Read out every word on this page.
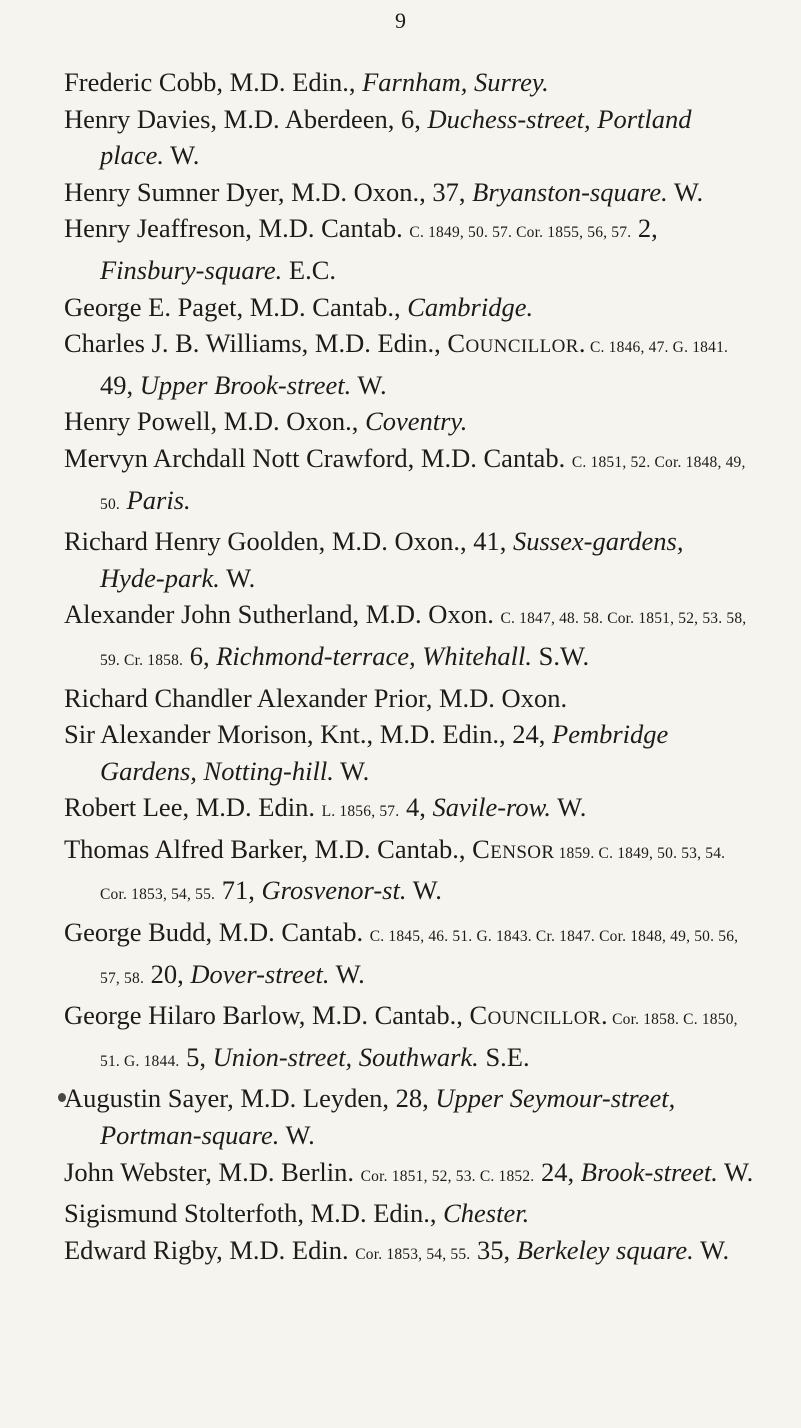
9

Frederic Cobb, M.D. Edin., Farnham, Surrey.

Henry Davies, M.D. Aberdeen, 6, Duchess-street, Portland place. W.

Henry Sumner Dyer, M.D. Oxon., 37, Bryanston-square. W.

Henry Jeaffreson, M.D. Cantab. C. 1849, 50. 57. Cor. 1855, 56, 57. 2, Finsbury-square. E.C.

George E. Paget, M.D. Cantab., Cambridge.

Charles J. B. Williams, M.D. Edin., Councillor. C. 1846, 47. G. 1841. 49, Upper Brook-street. W.

Henry Powell, M.D. Oxon., Coventry.

Mervyn Archdall Nott Crawford, M.D. Cantab. C. 1851, 52. Cor. 1848, 49, 50. Paris.

Richard Henry Goolden, M.D. Oxon., 41, Sussex-gardens, Hyde-park. W.

Alexander John Sutherland, M.D. Oxon. C. 1847, 48. 58. Cor. 1851, 52, 53. 58, 59. Cr. 1858. 6, Richmond-terrace, Whitehall. S.W.

Richard Chandler Alexander Prior, M.D. Oxon.

Sir Alexander Morison, Knt., M.D. Edin., 24, Pembridge Gardens, Notting-hill. W.

Robert Lee, M.D. Edin. L. 1856, 57. 4, Savile-row. W.

Thomas Alfred Barker, M.D. Cantab., Censor 1859. C. 1849, 50. 53, 54. Cor. 1853, 54, 55. 71, Grosvenor-st. W.

George Budd, M.D. Cantab. C. 1845, 46. 51. G. 1843. Cr. 1847. Cor. 1848, 49, 50. 56, 57, 58. 20, Dover-street. W.

George Hilaro Barlow, M.D. Cantab., Councillor. Cor. 1858. C. 1850, 51. G. 1844. 5, Union-street, Southwark. S.E.

Augustin Sayer, M.D. Leyden, 28, Upper Seymour-street, Portman-square. W.

John Webster, M.D. Berlin. Cor. 1851, 52, 53. C. 1852. 24, Brook-street. W.

Sigismund Stolterfoth, M.D. Edin., Chester.

Edward Rigby, M.D. Edin. Cor. 1853, 54, 55. 35, Berkeley square. W.
